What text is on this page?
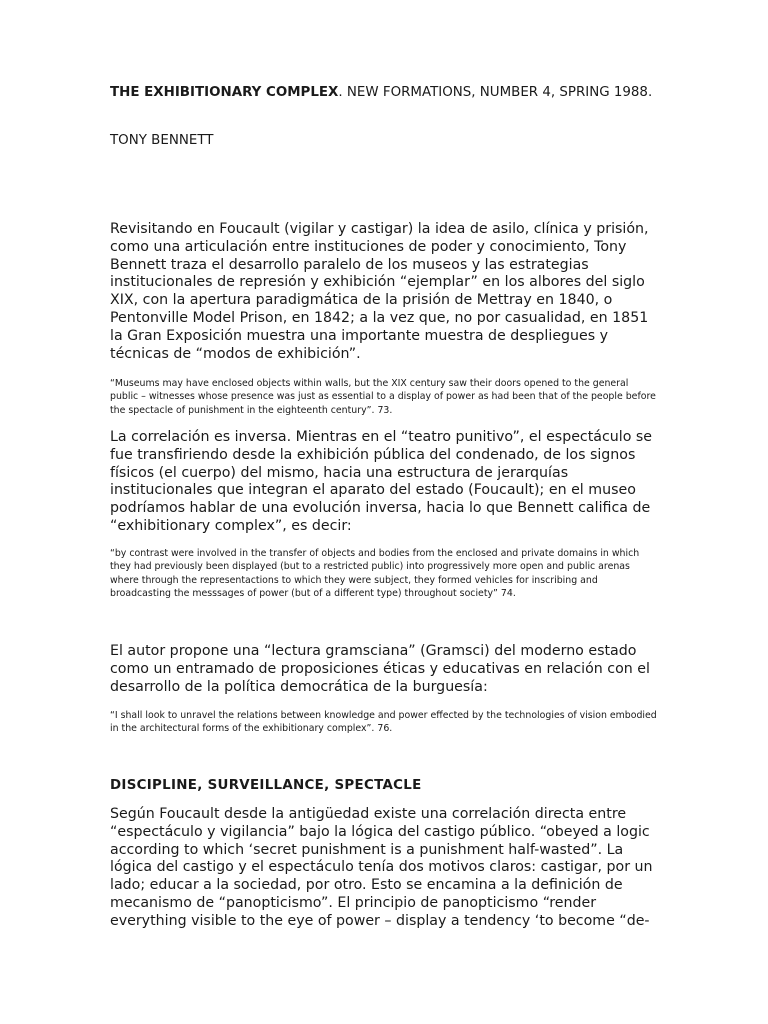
THE EXHIBITIONARY COMPLEX. NEW FORMATIONS, NUMBER 4, SPRING 1988.

TONY BENNETT

Revisitando en Foucault (vigilar y castigar) la idea de asilo, clínica y prisión, como una articulación entre instituciones de poder y conocimiento, Tony Bennett traza el desarrollo paralelo de los museos y las estrategias institucionales de represión y exhibición “ejemplar” en los albores del siglo XIX, con la apertura paradigmática de la prisión de Mettray en 1840, o Pentonville Model Prison, en 1842; a la vez que, no por casualidad, en 1851 la Gran Exposición muestra una importante muestra de despliegues y técnicas de “modos de exhibición”.

“Museums may have enclosed objects within walls, but the XIX century saw their doors opened to the general public – witnesses whose presence was just as essential to a display of power as had been that of the people before the spectacle of punishment in the eighteenth century”. 73.

La correlación es inversa. Mientras en el “teatro punitivo”, el espectáculo se fue transfiriendo desde la exhibición pública del condenado, de los signos físicos (el cuerpo) del mismo, hacia una estructura de jerarquías institucionales que integran el aparato del estado (Foucault); en el museo podríamos hablar de una evolución inversa, hacia lo que Bennett califica de “exhibitionary complex”, es decir:

“by contrast were involved in the transfer of objects and bodies from the enclosed and private domains in which they had previously been displayed (but to a restricted public) into progressively more open and public arenas where through the representactions to which they were subject, they formed vehicles for inscribing and broadcasting the messsages of power (but of a different type) throughout society” 74.

El autor propone una “lectura gramsciana” (Gramsci) del moderno estado como un entramado de proposiciones éticas y educativas en relación con el desarrollo de la política democrática de la burguesía:

“I shall look to unravel the relations between knowledge and power effected by the technologies of vision embodied in the architectural forms of the exhibitionary complex”. 76.

DISCIPLINE, SURVEILLANCE, SPECTACLE

Según Foucault desde la antigüedad existe una correlación directa entre “espectáculo y vigilancia” bajo la lógica del castigo público. “obeyed a logic according to which ‘secret punishment is a punishment half-wasted”. La lógica del castigo y el espectáculo tenía dos motivos claros: castigar, por un lado; educar a la sociedad, por otro. Esto se encamina a la definición de mecanismo de “panopticismo”. El principio de panopticismo “render everything visible to the eye of power – display a tendency ‘to become “de-
